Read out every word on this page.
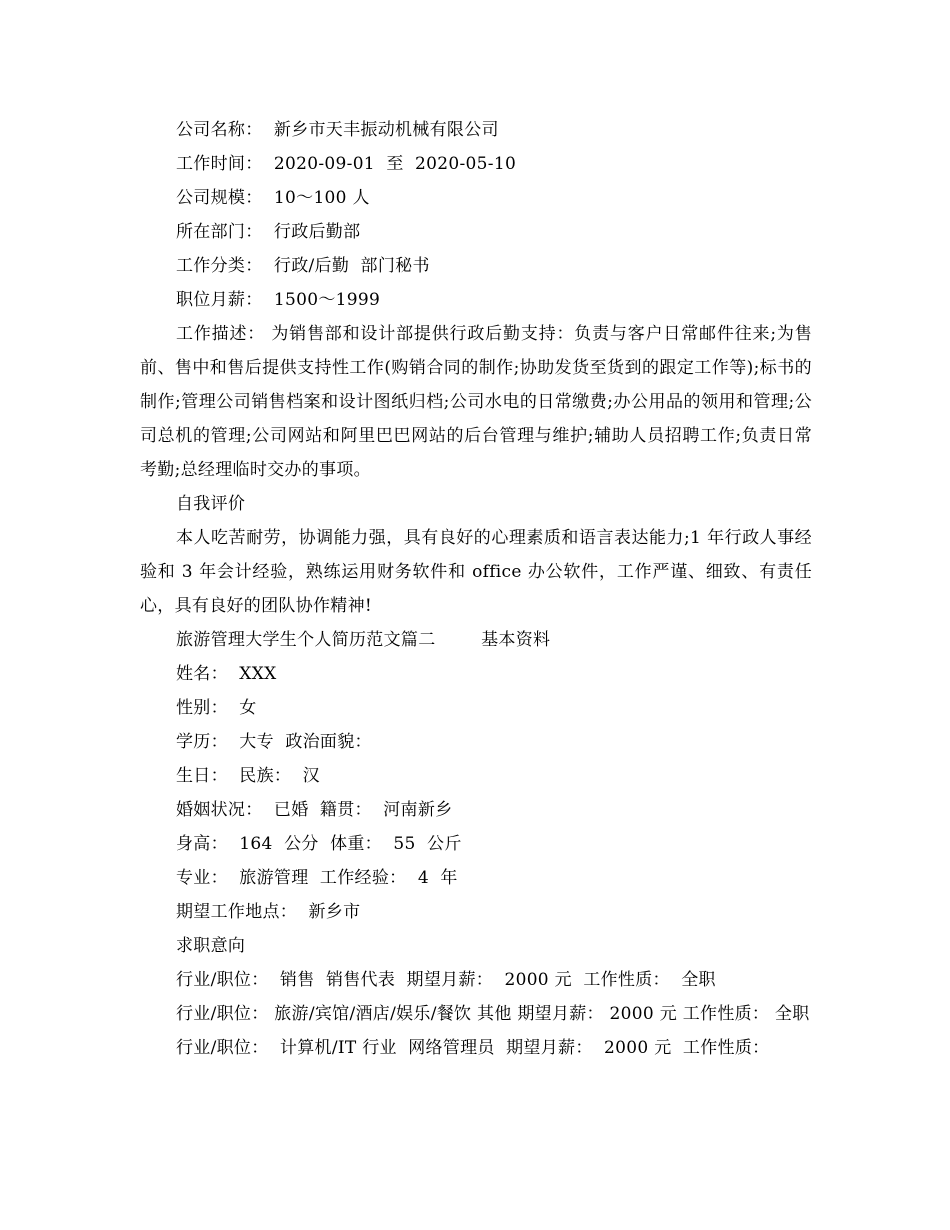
公司名称：  新乡市天丰振动机械有限公司

工作时间：  2020-09-01  至  2020-05-10

公司规模：  10～100 人

所在部门：  行政后勤部

工作分类：  行政/后勤  部门秘书

职位月薪：  1500～1999

工作描述： 为销售部和设计部提供行政后勤支持：负责与客户日常邮件往来;为售前、售中和售后提供支持性工作(购销合同的制作;协助发货至货到的跟定工作等);标书的制作;管理公司销售档案和设计图纸归档;公司水电的日常缴费;办公用品的领用和管理;公司总机的管理;公司网站和阿里巴巴网站的后台管理与维护;辅助人员招聘工作;负责日常考勤;总经理临时交办的事项。

自我评价

本人吃苦耐劳，协调能力强，具有良好的心理素质和语言表达能力;1 年行政人事经验和 3 年会计经验，熟练运用财务软件和 office 办公软件，工作严谨、细致、有责任心，具有良好的团队协作精神!

旅游管理大学生个人简历范文篇二        基本资料

姓名：  XXX

性别：  女

学历：  大专  政治面貌：

生日：  民族：  汉

婚姻状况：  已婚  籍贯：  河南新乡

身高：  164  公分  体重：  55  公斤

专业：  旅游管理  工作经验：  4  年

期望工作地点：  新乡市

求职意向

行业/职位：  销售  销售代表  期望月薪：  2000 元  工作性质：  全职

行业/职位： 旅游/宾馆/酒店/娱乐/餐饮 其他 期望月薪： 2000 元 工作性质： 全职

行业/职位：  计算机/IT 行业  网络管理员  期望月薪：  2000 元  工作性质：
